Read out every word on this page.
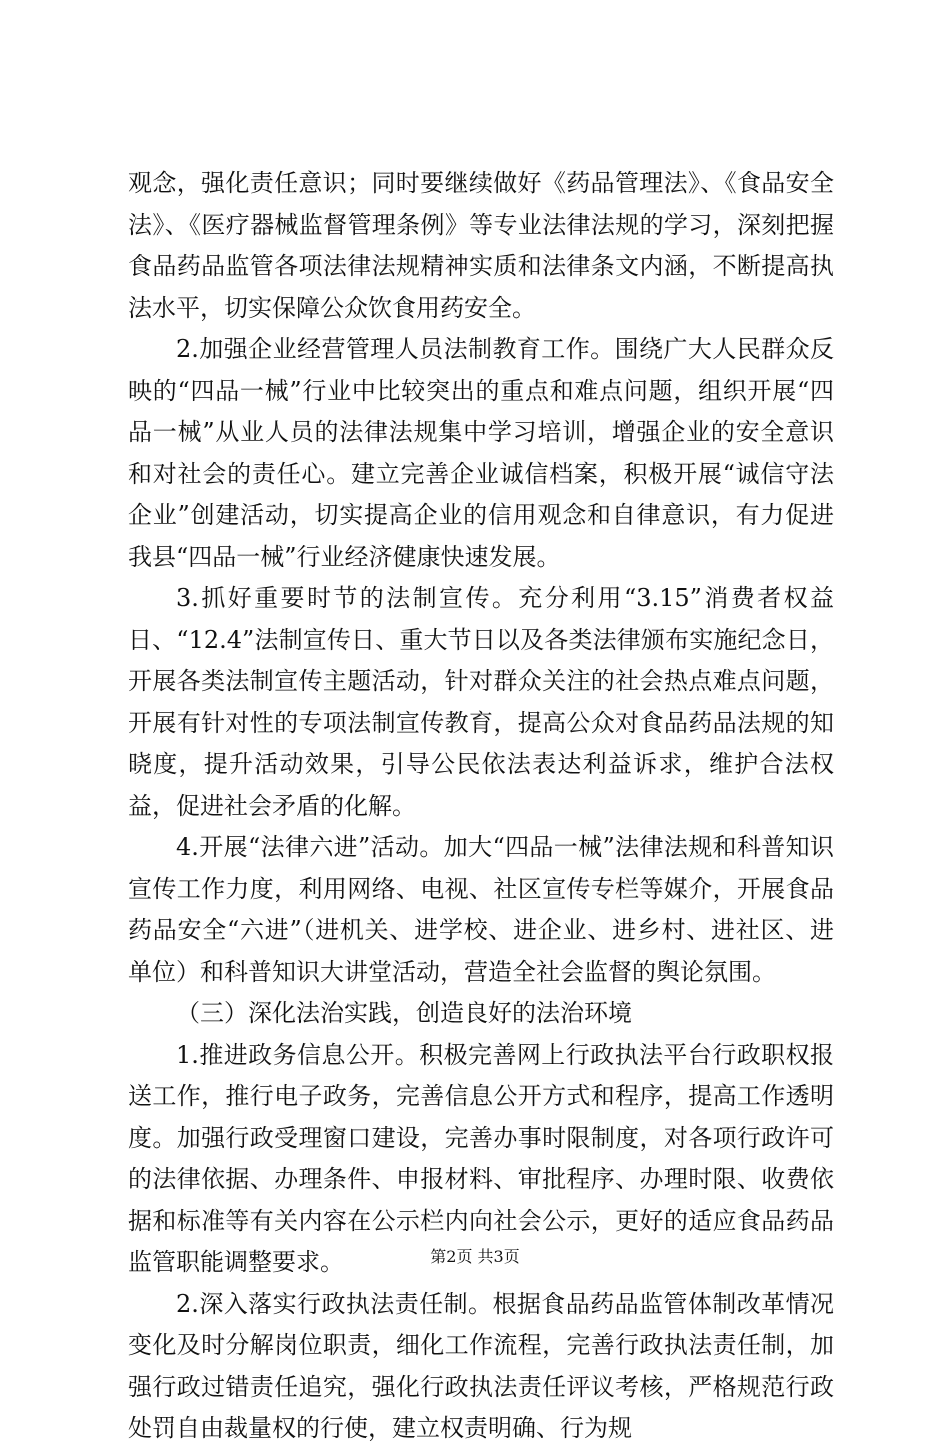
观念，强化责任意识；同时要继续做好《药品管理法》、《食品安全法》、《医疗器械监督管理条例》等专业法律法规的学习，深刻把握食品药品监管各项法律法规精神实质和法律条文内涵，不断提高执法水平，切实保障公众饮食用药安全。

2.加强企业经营管理人员法制教育工作。围绕广大人民群众反映的“四品一械”行业中比较突出的重点和难点问题，组织开展“四品一械”从业人员的法律法规集中学习培训，增强企业的安全意识和对社会的责任心。建立完善企业诚信档案，积极开展“诚信守法企业”创建活动，切实提高企业的信用观念和自律意识，有力促进我县“四品一械”行业经济健康快速发展。

3.抓好重要时节的法制宣传。充分利用“3.15”消费者权益日、“12.4”法制宣传日、重大节日以及各类法律颁布实施纪念日，开展各类法制宣传主题活动，针对群众关注的社会热点难点问题，开展有针对性的专项法制宣传教育，提高公众对食品药品法规的知晓度，提升活动效果，引导公民依法表达利益诉求，维护合法权益，促进社会矛盾的化解。

4.开展“法律六进”活动。加大“四品一械”法律法规和科普知识宣传工作力度，利用网络、电视、社区宣传专栏等媒介，开展食品药品安全“六进”（进机关、进学校、进企业、进乡村、进社区、进单位）和科普知识大讲堂活动，营造全社会监督的舆论氛围。

（三）深化法治实践，创造良好的法治环境

1.推进政务信息公开。积极完善网上行政执法平台行政职权报送工作，推行电子政务，完善信息公开方式和程序，提高工作透明度。加强行政受理窗口建设，完善办事时限制度，对各项行政许可的法律依据、办理条件、申报材料、审批程序、办理时限、收费依据和标准等有关内容在公示栏内向社会公示，更好的适应食品药品监管职能调整要求。

2.深入落实行政执法责任制。根据食品药品监管体制改革情况变化及时分解岗位职责，细化工作流程，完善行政执法责任制，加强行政过错责任追究，强化行政执法责任评议考核，严格规范行政处罚自由裁量权的行使，建立权责明确、行为规

第2页 共3页
